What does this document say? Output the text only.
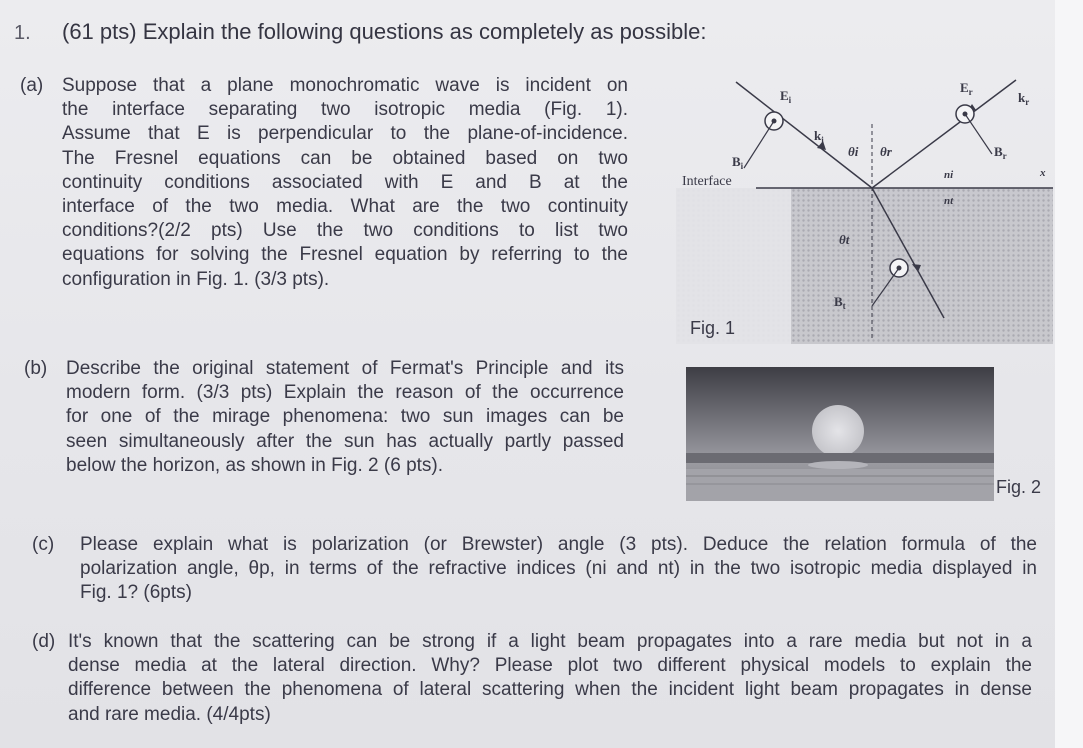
1. (61 pts) Explain the following questions as completely as possible:
(a) Suppose that a plane monochromatic wave is incident on
the interface separating two isotropic media (Fig. 1).
Assume that E is perpendicular to the plane-of-incidence.
The Fresnel equations can be obtained based on two
continuity conditions associated with E and B at the
interface of the two media. What are the two continuity
conditions?(2/2 pts) Use the two conditions to list two
equations for solving the Fresnel equation by referring to the
configuration in Fig. 1. (3/3 pts).
(b) Describe the original statement of Fermat's Principle and its
modern form. (3/3 pts) Explain the reason of the occurrence
for one of the mirage phenomena: two sun images can be
seen simultaneously after the sun has actually partly passed
below the horizon, as shown in Fig. 2 (6 pts).
$E_i$
$B_i$
$k_i$
θi θr
$E_r$	$k_r$
$B_r$
ni
nt
x
θt
$B_t$
Interface
Fig. 1
Fig. 2
(c) Please explain what is polarization (or Brewster) angle (3 pts). Deduce the relation formula of the
polarization angle, θp, in terms of the refractive indices (ni and nt) in the two isotropic media displayed in
Fig. 1? (6pts)
(d) It's known that the scattering can be strong if a light beam propagates into a rare media but not in a
dense media at the lateral direction. Why? Please plot two different physical models to explain the
difference between the phenomena of lateral scattering when the incident light beam propagates in dense
and rare media. (4/4pts)
